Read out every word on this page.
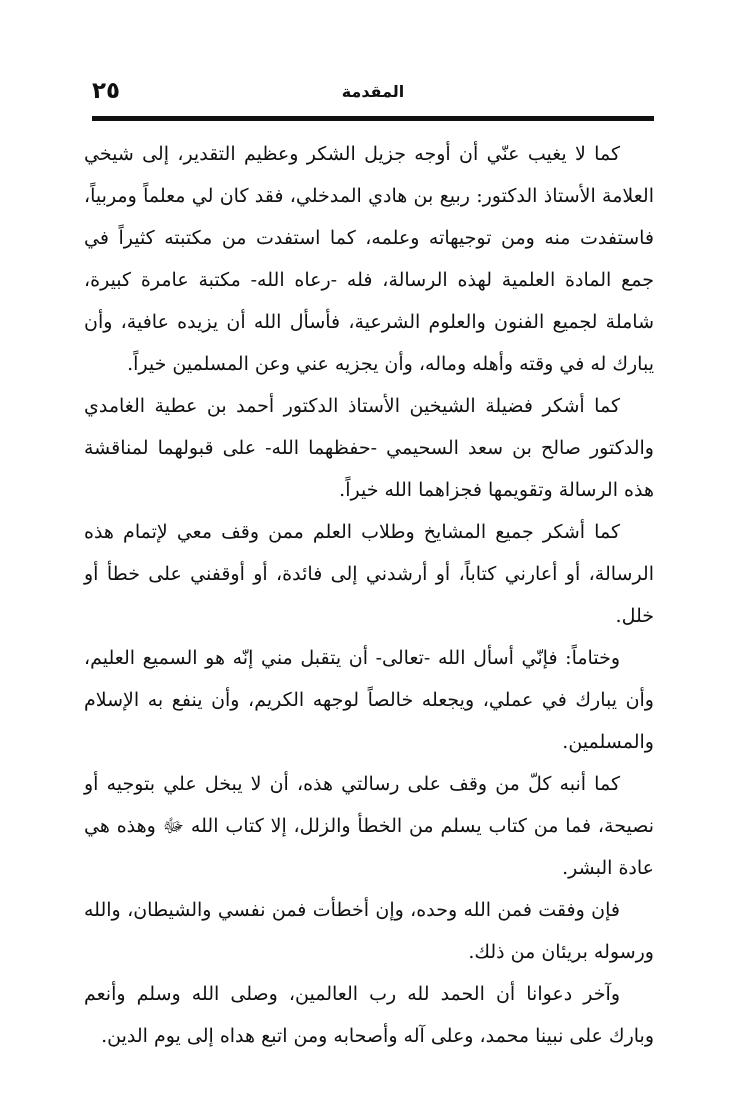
٢٥	المقدمة

كما لا يغيب عنّي أن أوجه جزيل الشكر وعظيم التقدير، إلى شيخي العلامة الأستاذ الدكتور: ربيع بن هادي المدخلي، فقد كان لي معلماً ومربياً، فاستفدت منه ومن توجيهاته وعلمه، كما استفدت من مكتبته كثيراً في جمع المادة العلمية لهذه الرسالة، فله -رعاه الله- مكتبة عامرة كبيرة، شاملة لجميع الفنون والعلوم الشرعية، فأسأل الله أن يزيده عافية، وأن يبارك له في وقته وأهله وماله، وأن يجزيه عني وعن المسلمين خيراً.

كما أشكر فضيلة الشيخين الأستاذ الدكتور أحمد بن عطية الغامدي والدكتور صالح بن سعد السحيمي -حفظهما الله- على قبولهما لمناقشة هذه الرسالة وتقويمها فجزاهما الله خيراً.

كما أشكر جميع المشايخ وطلاب العلم ممن وقف معي لإتمام هذه الرسالة، أو أعارني كتاباً، أو أرشدني إلى فائدة، أو أوقفني على خطأ أو خلل.

وختاماً: فإنّي أسأل الله -تعالى- أن يتقبل مني إنّه هو السميع العليم، وأن يبارك في عملي، ويجعله خالصاً لوجهه الكريم، وأن ينفع به الإسلام والمسلمين.

كما أنبه كلّ من وقف على رسالتي هذه، أن لا يبخل علي بتوجيه أو نصيحة، فما من كتاب يسلم من الخطأ والزلل، إلا كتاب الله ﷻ وهذه هي عادة البشر.

فإن وفقت فمن الله وحده، وإن أخطأت فمن نفسي والشيطان، والله ورسوله بريئان من ذلك.

وآخر دعوانا أن الحمد لله رب العالمين، وصلى الله وسلم وأنعم وبارك على نبينا محمد، وعلى آله وأصحابه ومن اتبع هداه إلى يوم الدين.
